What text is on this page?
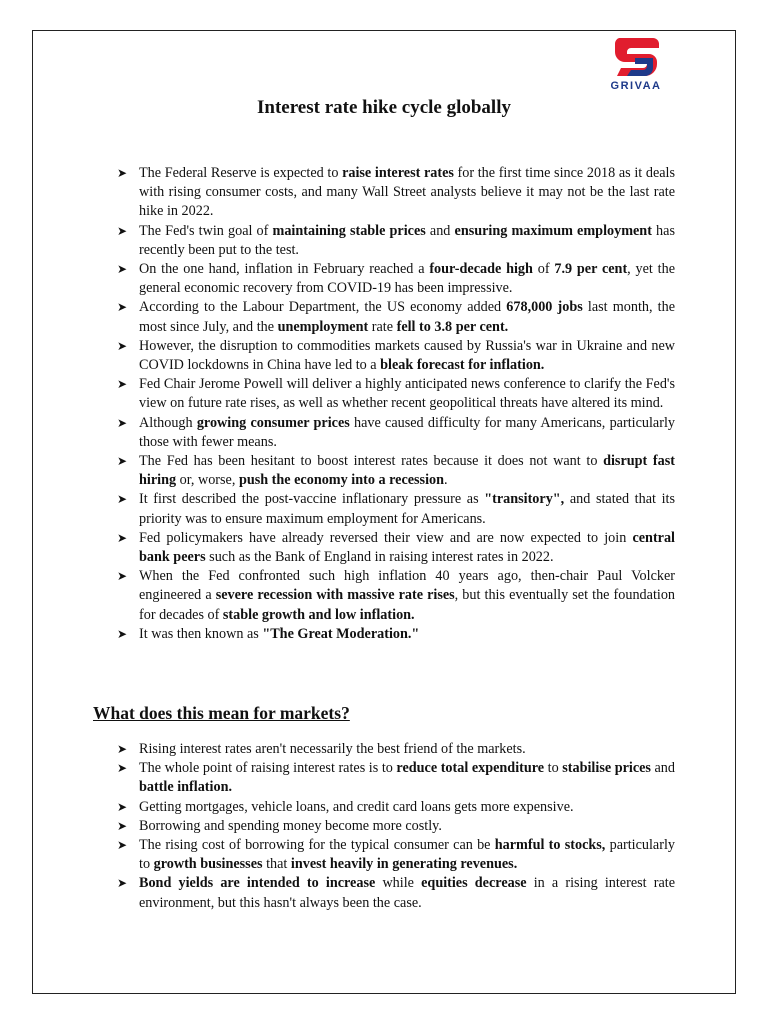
GRIVAA
Interest rate hike cycle globally
➤ The Federal Reserve is expected to raise interest rates for the first time since 2018 as it deals with rising consumer costs, and many Wall Street analysts believe it may not be the last rate hike in 2022.
➤ The Fed's twin goal of maintaining stable prices and ensuring maximum employment has recently been put to the test.
➤ On the one hand, inflation in February reached a four-decade high of 7.9 per cent, yet the general economic recovery from COVID-19 has been impressive.
➤ According to the Labour Department, the US economy added 678,000 jobs last month, the most since July, and the unemployment rate fell to 3.8 per cent.
➤ However, the disruption to commodities markets caused by Russia's war in Ukraine and new COVID lockdowns in China have led to a bleak forecast for inflation.
➤ Fed Chair Jerome Powell will deliver a highly anticipated news conference to clarify the Fed's view on future rate rises, as well as whether recent geopolitical threats have altered its mind.
➤ Although growing consumer prices have caused difficulty for many Americans, particularly those with fewer means.
➤ The Fed has been hesitant to boost interest rates because it does not want to disrupt fast hiring or, worse, push the economy into a recession.
➤ It first described the post-vaccine inflationary pressure as "transitory", and stated that its priority was to ensure maximum employment for Americans.
➤ Fed policymakers have already reversed their view and are now expected to join central bank peers such as the Bank of England in raising interest rates in 2022.
➤ When the Fed confronted such high inflation 40 years ago, then-chair Paul Volcker engineered a severe recession with massive rate rises, but this eventually set the foundation for decades of stable growth and low inflation.
➤ It was then known as "The Great Moderation."
What does this mean for markets?
➤ Rising interest rates aren't necessarily the best friend of the markets.
➤ The whole point of raising interest rates is to reduce total expenditure to stabilise prices and battle inflation.
➤ Getting mortgages, vehicle loans, and credit card loans gets more expensive.
➤ Borrowing and spending money become more costly.
➤ The rising cost of borrowing for the typical consumer can be harmful to stocks, particularly to growth businesses that invest heavily in generating revenues.
➤ Bond yields are intended to increase while equities decrease in a rising interest rate environment, but this hasn't always been the case.
